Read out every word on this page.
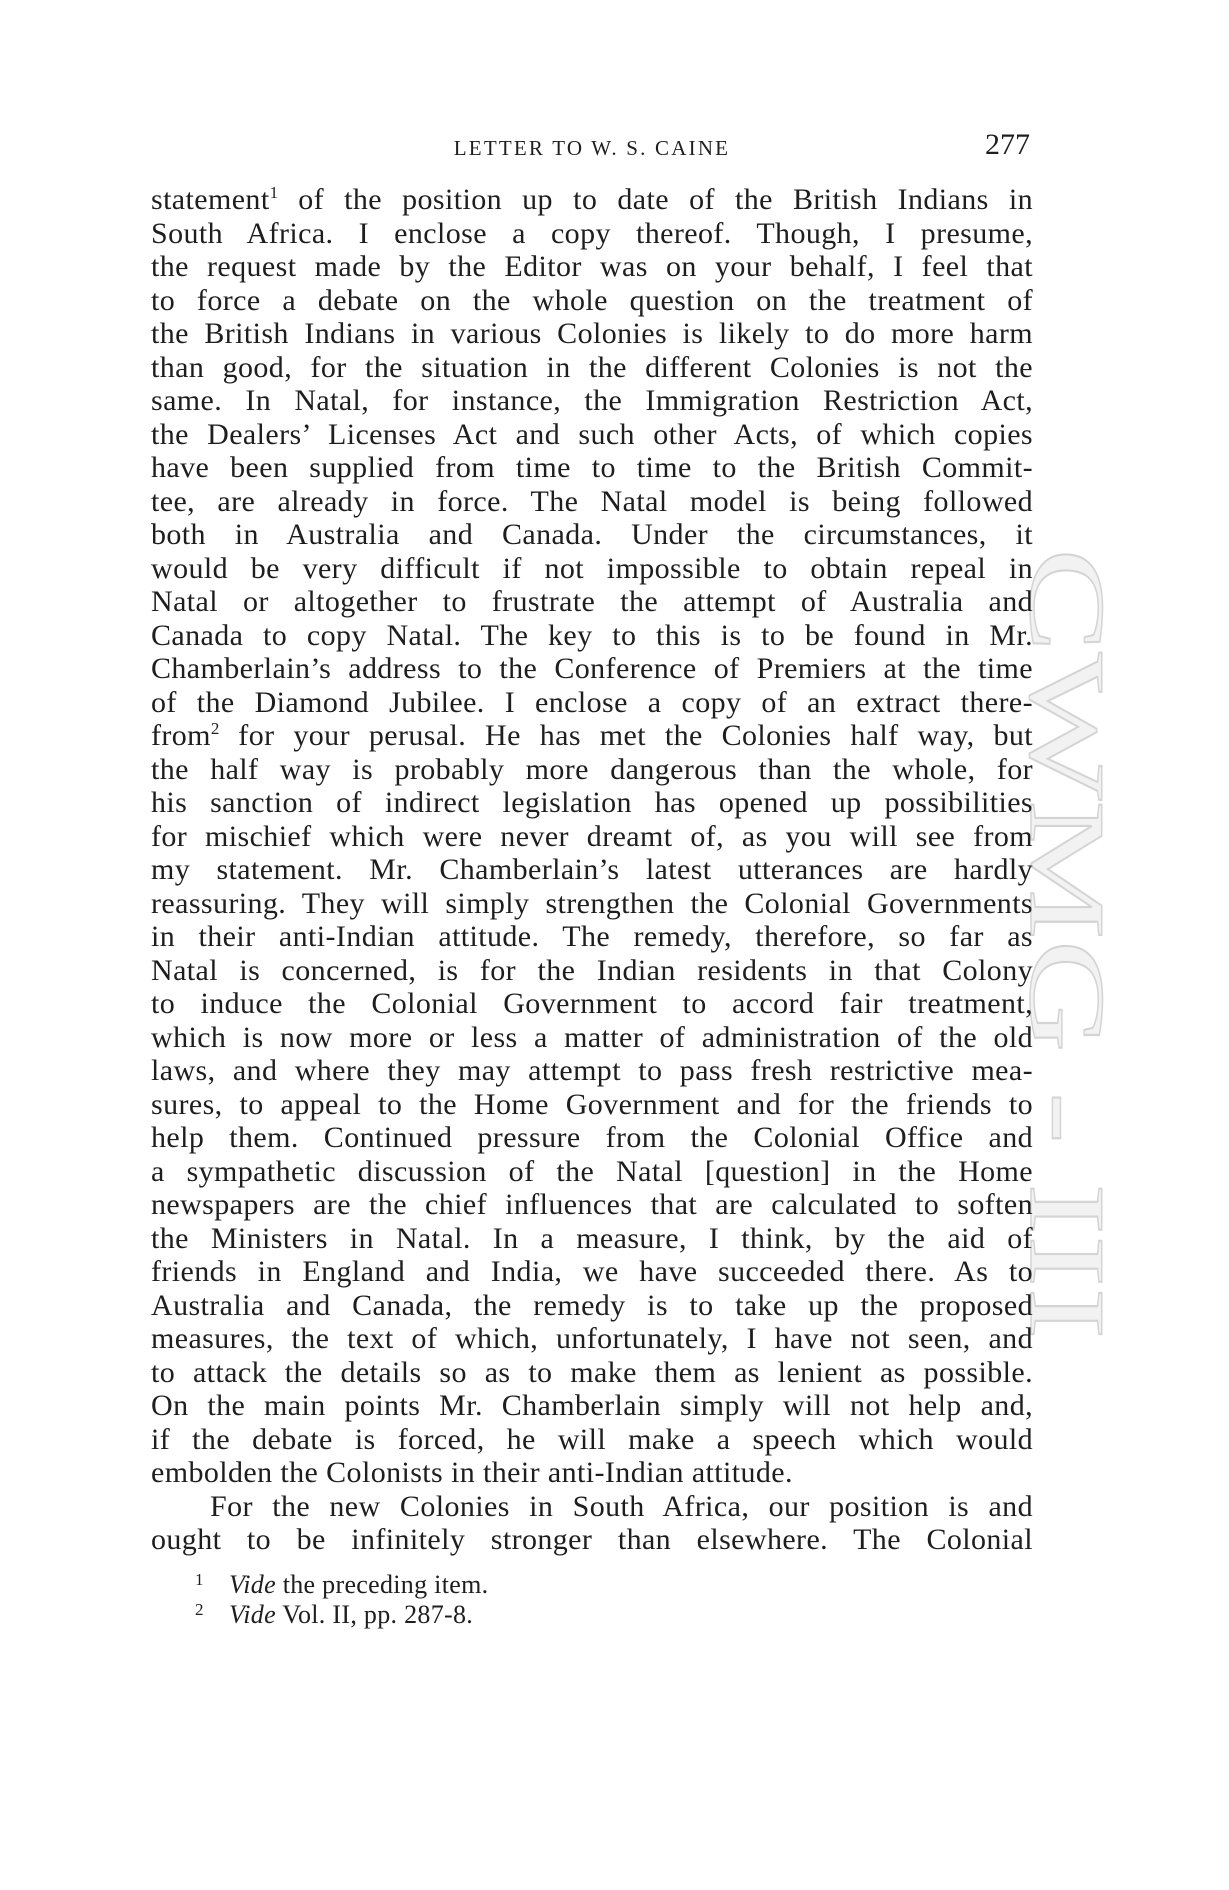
CWMG - III
LETTER TO W. S. CAINE	277
statement$^1$ of the position up to date of the British Indians in
South Africa. I enclose a copy thereof. Though, I presume,
the request made by the Editor was on your behalf, I feel that
to force a debate on the whole question on the treatment of
the British Indians in various Colonies is likely to do more harm
than good, for the situation in the different Colonies is not the
same. In Natal, for instance, the Immigration Restriction Act,
the Dealers’ Licenses Act and such other Acts, of which copies
have been supplied from time to time to the British Commit-
tee, are already in force. The Natal model is being followed
both in Australia and Canada. Under the circumstances, it
would be very difficult if not impossible to obtain repeal in
Natal or altogether to frustrate the attempt of Australia and
Canada to copy Natal. The key to this is to be found in Mr.
Chamberlain’s address to the Conference of Premiers at the time
of the Diamond Jubilee. I enclose a copy of an extract there-
from$^2$ for your perusal. He has met the Colonies half way, but
the half way is probably more dangerous than the whole, for
his sanction of indirect legislation has opened up possibilities
for mischief which were never dreamt of, as you will see from
my statement. Mr. Chamberlain’s latest utterances are hardly
reassuring. They will simply strengthen the Colonial Governments
in their anti-Indian attitude. The remedy, therefore, so far as
Natal is concerned, is for the Indian residents in that Colony
to induce the Colonial Government to accord fair treatment,
which is now more or less a matter of administration of the old
laws, and where they may attempt to pass fresh restrictive mea-
sures, to appeal to the Home Government and for the friends to
help them. Continued pressure from the Colonial Office and
a sympathetic discussion of the Natal [question] in the Home
newspapers are the chief influences that are calculated to soften
the Ministers in Natal. In a measure, I think, by the aid of
friends in England and India, we have succeeded there. As to
Australia and Canada, the remedy is to take up the proposed
measures, the text of which, unfortunately, I have not seen, and
to attack the details so as to make them as lenient as possible.
On the main points Mr. Chamberlain simply will not help and,
if the debate is forced, he will make a speech which would
embolden the Colonists in their anti-Indian attitude.
For the new Colonies in South Africa, our position is and
ought to be infinitely stronger than elsewhere. The Colonial
1 Vide the preceding item.
2 Vide Vol. II, pp. 287-8.
